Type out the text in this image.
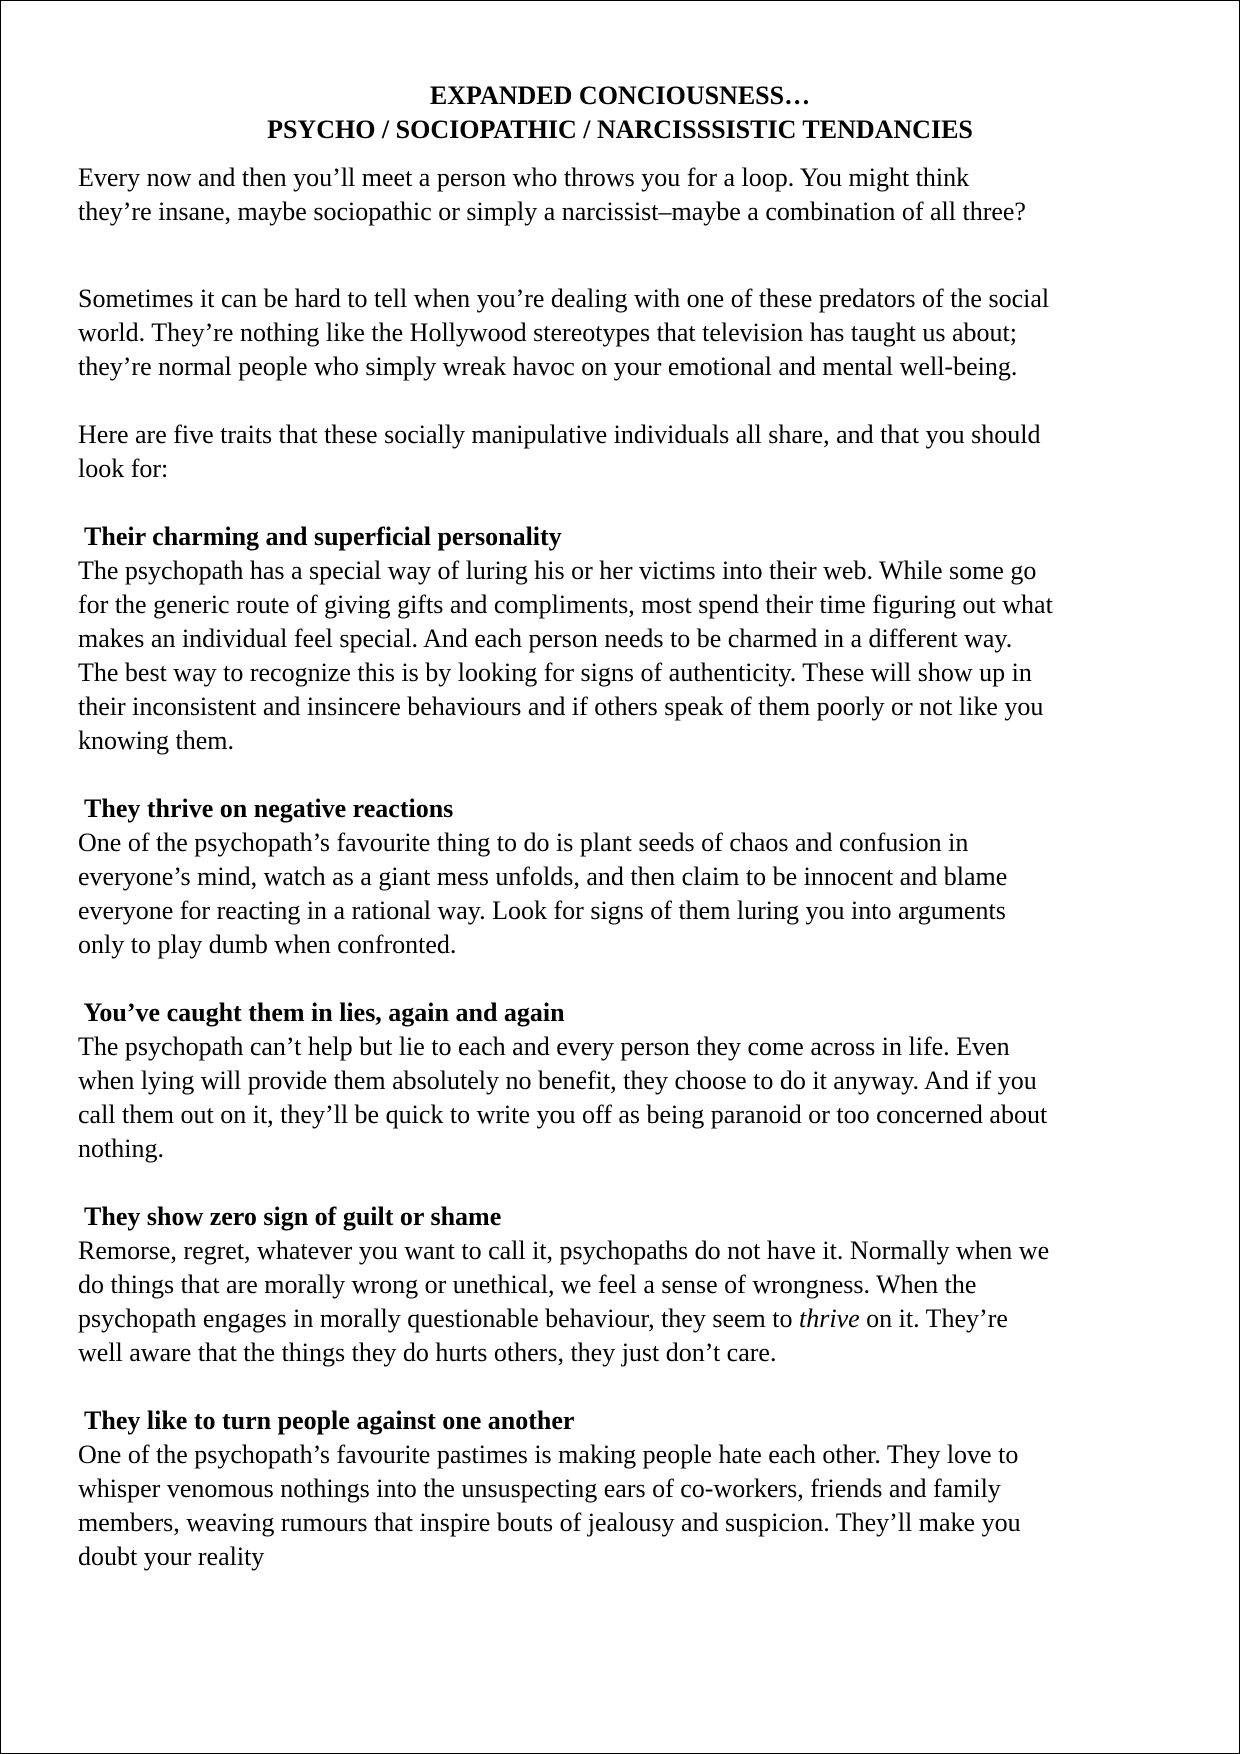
EXPANDED CONCIOUSNESS…
PSYCHO / SOCIOPATHIC / NARCISSSISTIC TENDANCIES
Every now and then you’ll meet a person who throws you for a loop. You might think
they’re insane, maybe sociopathic or simply a narcissist–maybe a combination of all three?
Sometimes it can be hard to tell when you’re dealing with one of these predators of the social
world. They’re nothing like the Hollywood stereotypes that television has taught us about;
they’re normal people who simply wreak havoc on your emotional and mental well-being.
Here are five traits that these socially manipulative individuals all share, and that you should
look for:
Their charming and superficial personality
The psychopath has a special way of luring his or her victims into their web. While some go
for the generic route of giving gifts and compliments, most spend their time figuring out what
makes an individual feel special. And each person needs to be charmed in a different way.
The best way to recognize this is by looking for signs of authenticity. These will show up in
their inconsistent and insincere behaviours and if others speak of them poorly or not like you
knowing them.
They thrive on negative reactions
One of the psychopath’s favourite thing to do is plant seeds of chaos and confusion in
everyone’s mind, watch as a giant mess unfolds, and then claim to be innocent and blame
everyone for reacting in a rational way. Look for signs of them luring you into arguments
only to play dumb when confronted.
You’ve caught them in lies, again and again
The psychopath can’t help but lie to each and every person they come across in life. Even
when lying will provide them absolutely no benefit, they choose to do it anyway. And if you
call them out on it, they’ll be quick to write you off as being paranoid or too concerned about
nothing.
They show zero sign of guilt or shame
Remorse, regret, whatever you want to call it, psychopaths do not have it. Normally when we
do things that are morally wrong or unethical, we feel a sense of wrongness. When the
psychopath engages in morally questionable behaviour, they seem to thrive on it. They’re
well aware that the things they do hurts others, they just don’t care.
They like to turn people against one another
One of the psychopath’s favourite pastimes is making people hate each other. They love to
whisper venomous nothings into the unsuspecting ears of co-workers, friends and family
members, weaving rumours that inspire bouts of jealousy and suspicion. They’ll make you
doubt your reality
